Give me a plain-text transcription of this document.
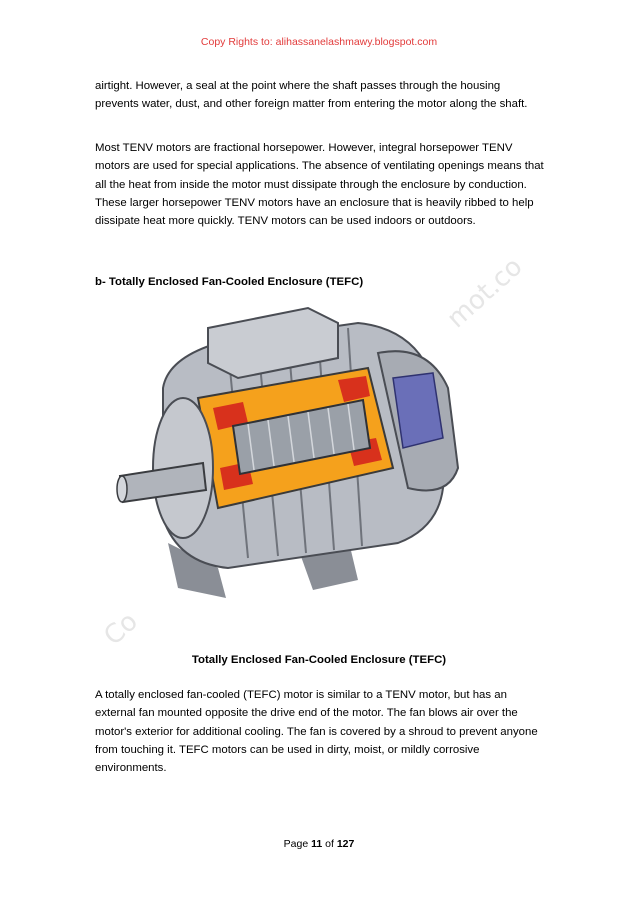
mot.co
Co
Copy Rights to: alihassanelashmawy.blogspot.com

airtight. However, a seal at the point where the shaft passes through the housing prevents water, dust, and other foreign matter from entering the motor along the shaft.

Most TENV motors are fractional horsepower. However, integral horsepower TENV motors are used for special applications. The absence of ventilating openings means that all the heat from inside the motor must dissipate through the enclosure by conduction. These larger horsepower TENV motors have an enclosure that is heavily ribbed to help dissipate heat more quickly. TENV motors can be used indoors or outdoors.

b- Totally Enclosed Fan-Cooled Enclosure (TEFC)
Totally Enclosed Fan-Cooled Enclosure (TEFC)

A totally enclosed fan-cooled (TEFC) motor is similar to a TENV motor, but has an external fan mounted opposite the drive end of the motor. The fan blows air over the motor's exterior for additional cooling. The fan is covered by a shroud to prevent anyone from touching it. TEFC motors can be used in dirty, moist, or mildly corrosive environments.

Page 11 of 127
